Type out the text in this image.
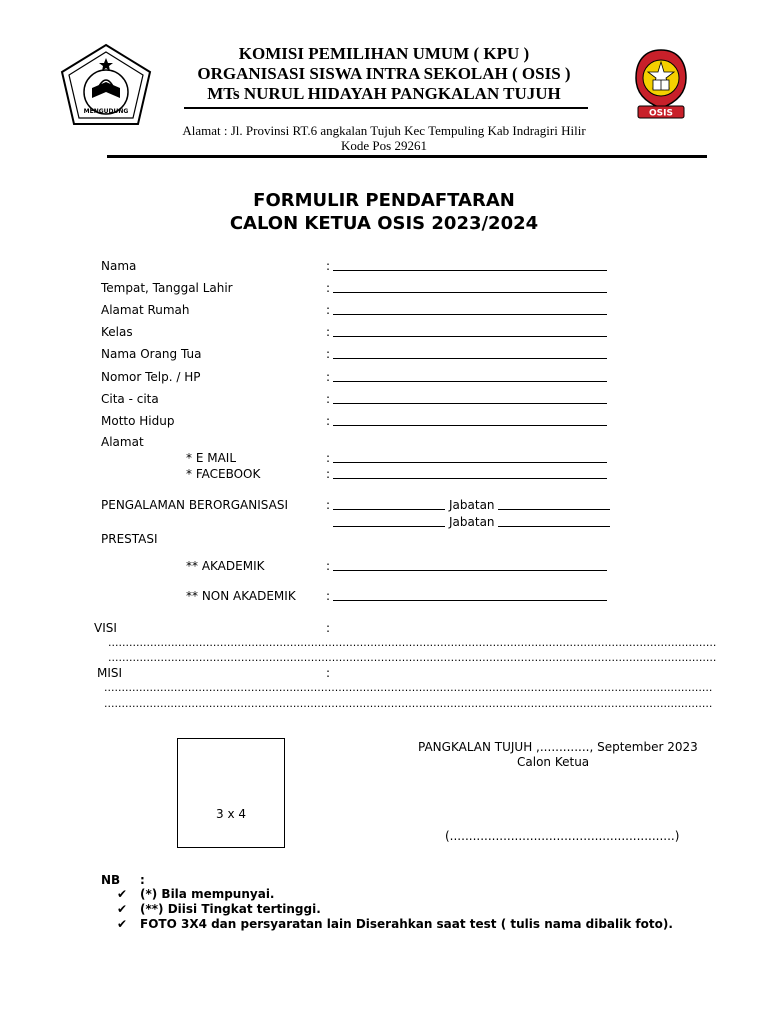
MENGUDUNG
KOMISI PEMILIHAN UMUM ( KPU )
ORGANISASI SISWA INTRA SEKOLAH ( OSIS )
MTs NURUL HIDAYAH PANGKALAN TUJUH
OSIS
Alamat : Jl. Provinsi RT.6 angkalan Tujuh Kec Tempuling Kab Indragiri Hilir
Kode Pos 29261
FORMULIR PENDAFTARAN
CALON KETUA OSIS 2023/2024
Nama	:
Tempat, Tanggal Lahir	:
Alamat Rumah	:
Kelas	:
Nama Orang Tua	:
Nomor Telp. / HP	:
Cita - cita	:
Motto Hidup	:
Alamat
* E MAIL	:
* FACEBOOK	:
PENGALAMAN BERORGANISASI	:	Jabatan
Jabatan
PRESTASI
** AKADEMIK	:
** NON AKADEMIK	:
VISI	:
..............................................................................................................................................................................
..............................................................................................................................................................................
MISI	:
..............................................................................................................................................................................
..............................................................................................................................................................................
3 x 4
PANGKALAN TUJUH ,............., September 2023
Calon Ketua
(...........................................................)
NB :
✔ (*) Bila mempunyai.
✔ (**) Diisi Tingkat tertinggi.
✔ FOTO 3X4 dan persyaratan lain Diserahkan saat test ( tulis nama dibalik foto).
